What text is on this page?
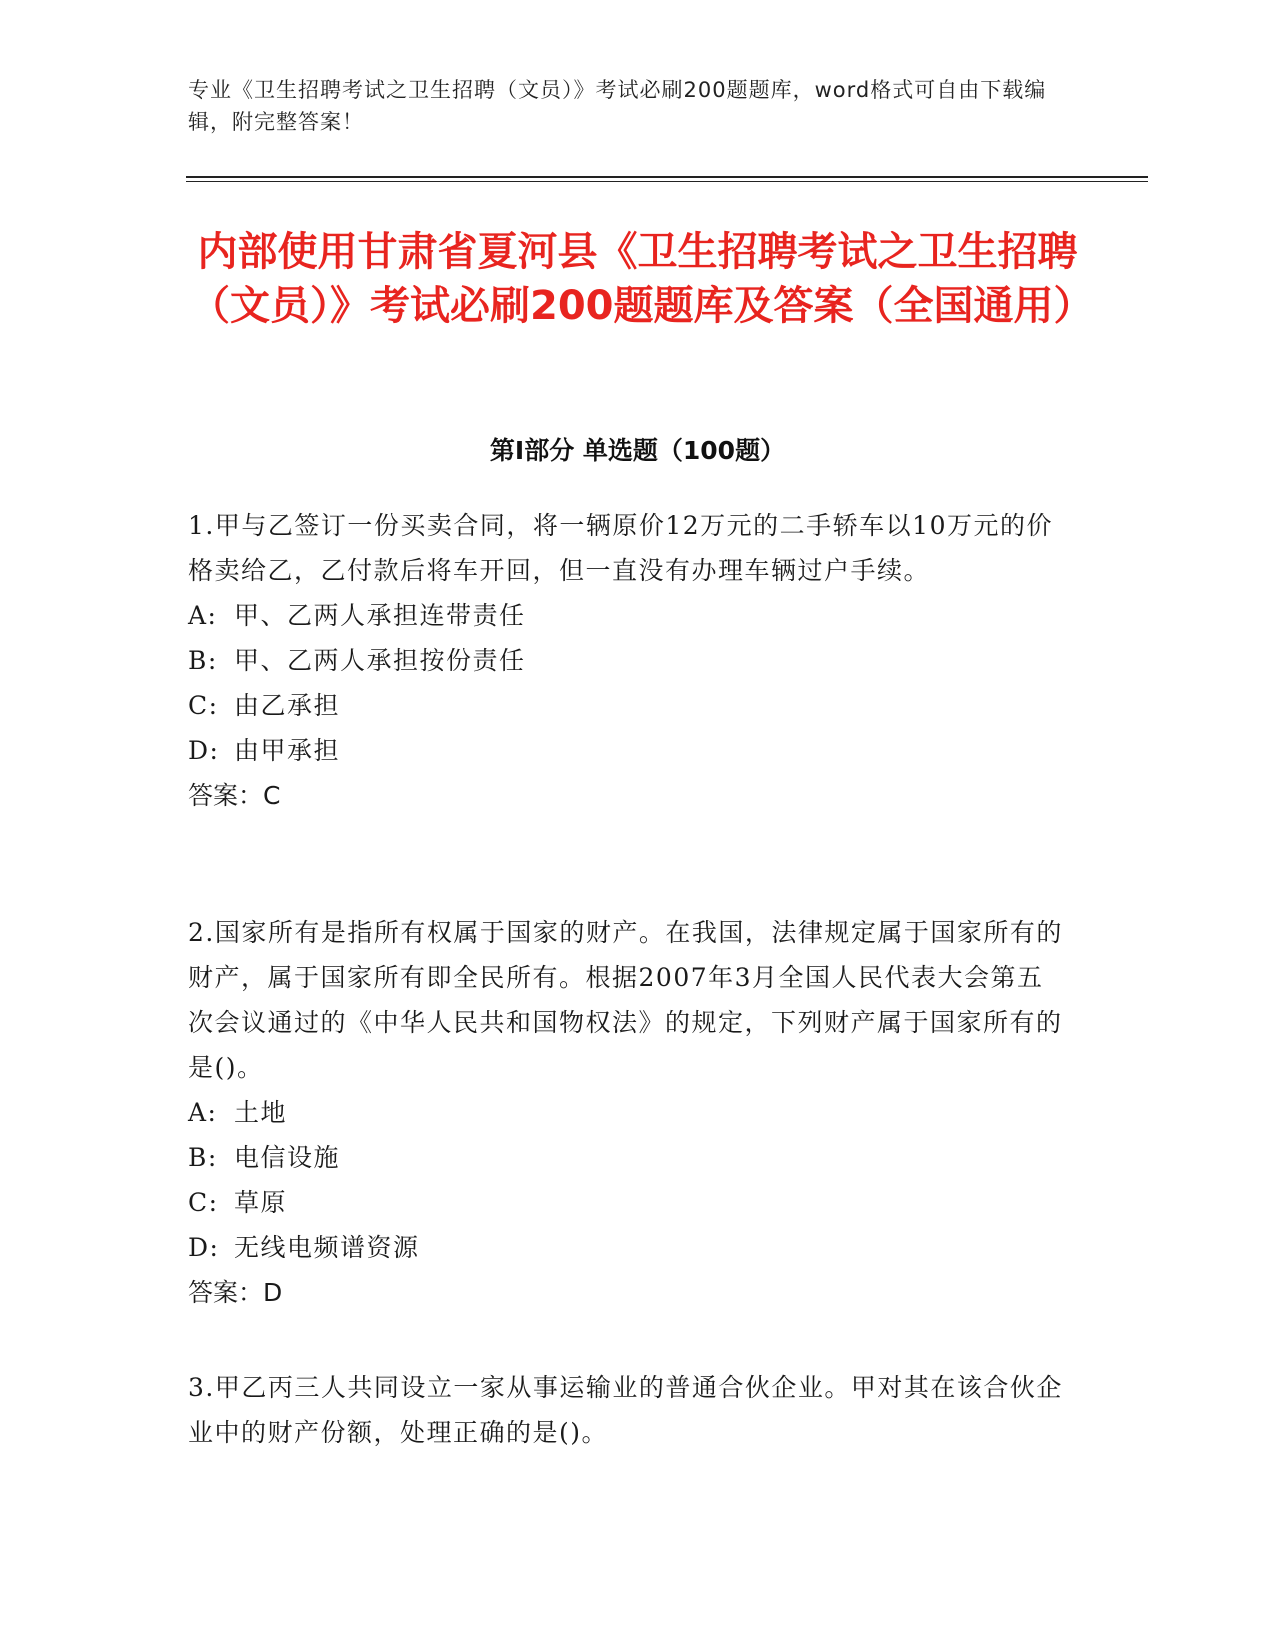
专业《卫生招聘考试之卫生招聘（文员）》考试必刷200题题库，word格式可自由下载编辑，附完整答案！
内部使用甘肃省夏河县《卫生招聘考试之卫生招聘（文员）》考试必刷200题题库及答案（全国通用）
第Ⅰ部分 单选题（100题）

1.甲与乙签订一份买卖合同，将一辆原价12万元的二手轿车以10万元的价格卖给乙，乙付款后将车开回，但一直没有办理车辆过户手续。

A: 甲、乙两人承担连带责任

B: 甲、乙两人承担按份责任

C: 由乙承担

D: 由甲承担

答案：C

2.国家所有是指所有权属于国家的财产。在我国，法律规定属于国家所有的财产，属于国家所有即全民所有。根据2007年3月全国人民代表大会第五次会议通过的《中华人民共和国物权法》的规定，下列财产属于国家所有的是()。

A: 土地

B: 电信设施

C: 草原

D: 无线电频谱资源

答案：D

3.甲乙丙三人共同设立一家从事运输业的普通合伙企业。甲对其在该合伙企业中的财产份额，处理正确的是()。
